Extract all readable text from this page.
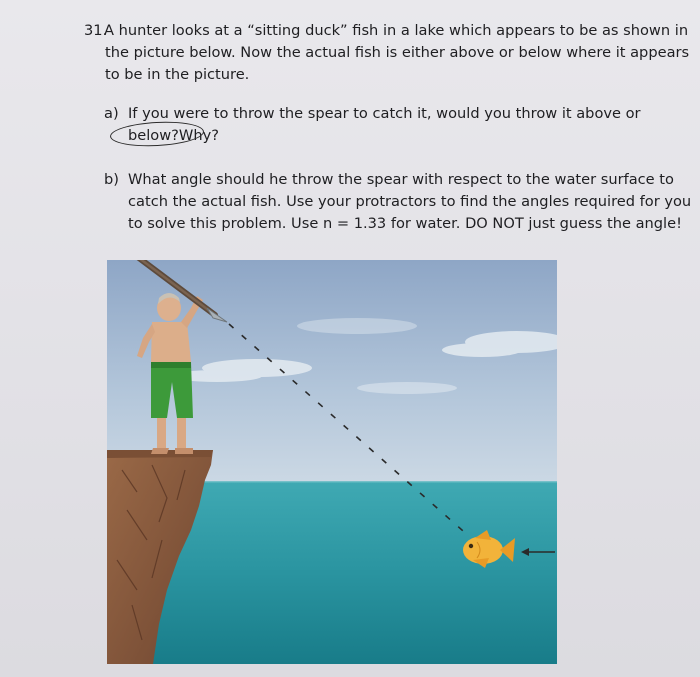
31.A hunter looks at a “sitting duck” fish in a lake which appears to be as shown in
the picture below. Now the actual fish is either above or below where it appears
to be in the picture.
a) If you were to throw the spear to catch it, would you throw it above or
below?Why?
b) What angle should he throw the spear with respect to the water surface to
catch the actual fish. Use your protractors to find the angles required for you
to solve this problem. Use n = 1.33 for water. DO NOT just guess the angle!
